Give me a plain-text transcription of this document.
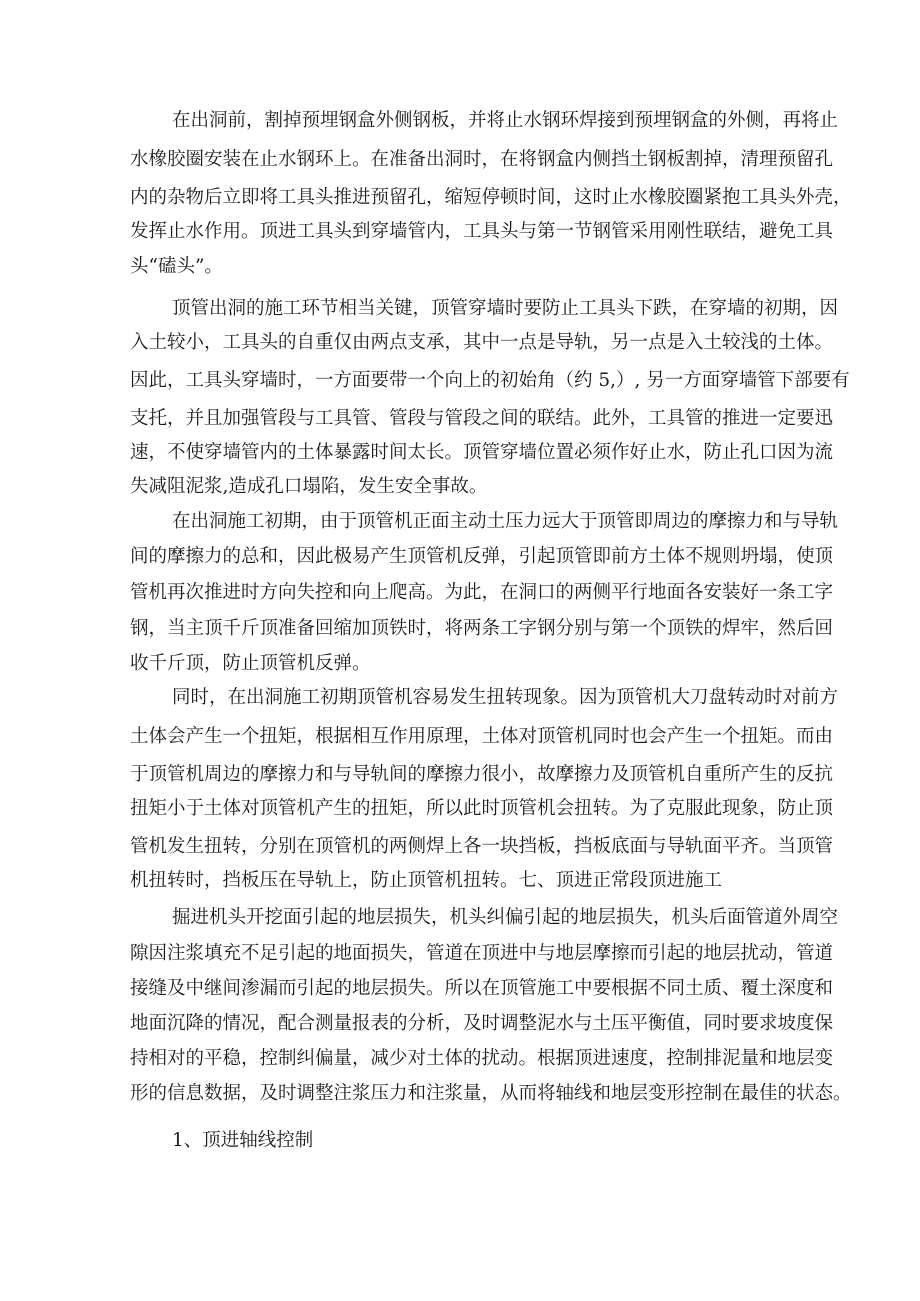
在出洞前，割掉预埋钢盒外侧钢板，并将止水钢环焊接到预埋钢盒的外侧，再将止
水橡胶圈安装在止水钢环上。在准备出洞时，在将钢盒内侧挡土钢板割掉，清理预留孔
内的杂物后立即将工具头推进预留孔，缩短停顿时间，这时止水橡胶圈紧抱工具头外壳，
发挥止水作用。顶进工具头到穿墙管内，工具头与第一节钢管采用刚性联结，避免工具
头“磕头”。
顶管出洞的施工环节相当关键，顶管穿墙时要防止工具头下跌，在穿墙的初期，因
入土较小，工具头的自重仅由两点支承，其中一点是导轨，另一点是入土较浅的土体。
因此，工具头穿墙时，一方面要带一个向上的初始角（约 5,）, 另一方面穿墙管下部要有
支托，并且加强管段与工具管、管段与管段之间的联结。此外，工具管的推进一定要迅
速，不使穿墙管内的土体暴露时间太长。顶管穿墙位置必须作好止水，防止孔口因为流
失减阻泥浆,造成孔口塌陷，发生安全事故。
在出洞施工初期，由于顶管机正面主动土压力远大于顶管即周边的摩擦力和与导轨
间的摩擦力的总和，因此极易产生顶管机反弹，引起顶管即前方土体不规则坍塌，使顶
管机再次推进时方向失控和向上爬高。为此，在洞口的两侧平行地面各安装好一条工字
钢，当主顶千斤顶准备回缩加顶铁时，将两条工字钢分别与第一个顶铁的焊牢，然后回
收千斤顶，防止顶管机反弹。
同时，在出洞施工初期顶管机容易发生扭转现象。因为顶管机大刀盘转动时对前方
土体会产生一个扭矩，根据相互作用原理，土体对顶管机同时也会产生一个扭矩。而由
于顶管机周边的摩擦力和与导轨间的摩擦力很小，故摩擦力及顶管机自重所产生的反抗
扭矩小于土体对顶管机产生的扭矩，所以此时顶管机会扭转。为了克服此现象，防止顶
管机发生扭转，分别在顶管机的两侧焊上各一块挡板，挡板底面与导轨面平齐。当顶管
机扭转时，挡板压在导轨上，防止顶管机扭转。七、顶进正常段顶进施工
掘进机头开挖面引起的地层损失，机头纠偏引起的地层损失，机头后面管道外周空
隙因注浆填充不足引起的地面损失，管道在顶进中与地层摩擦而引起的地层扰动，管道
接缝及中继间渗漏而引起的地层损失。所以在顶管施工中要根据不同土质、覆土深度和
地面沉降的情况，配合测量报表的分析，及时调整泥水与土压平衡值，同时要求坡度保
持相对的平稳，控制纠偏量，减少对土体的扰动。根据顶进速度，控制排泥量和地层变
形的信息数据，及时调整注浆压力和注浆量，从而将轴线和地层变形控制在最佳的状态。
1、顶进轴线控制
